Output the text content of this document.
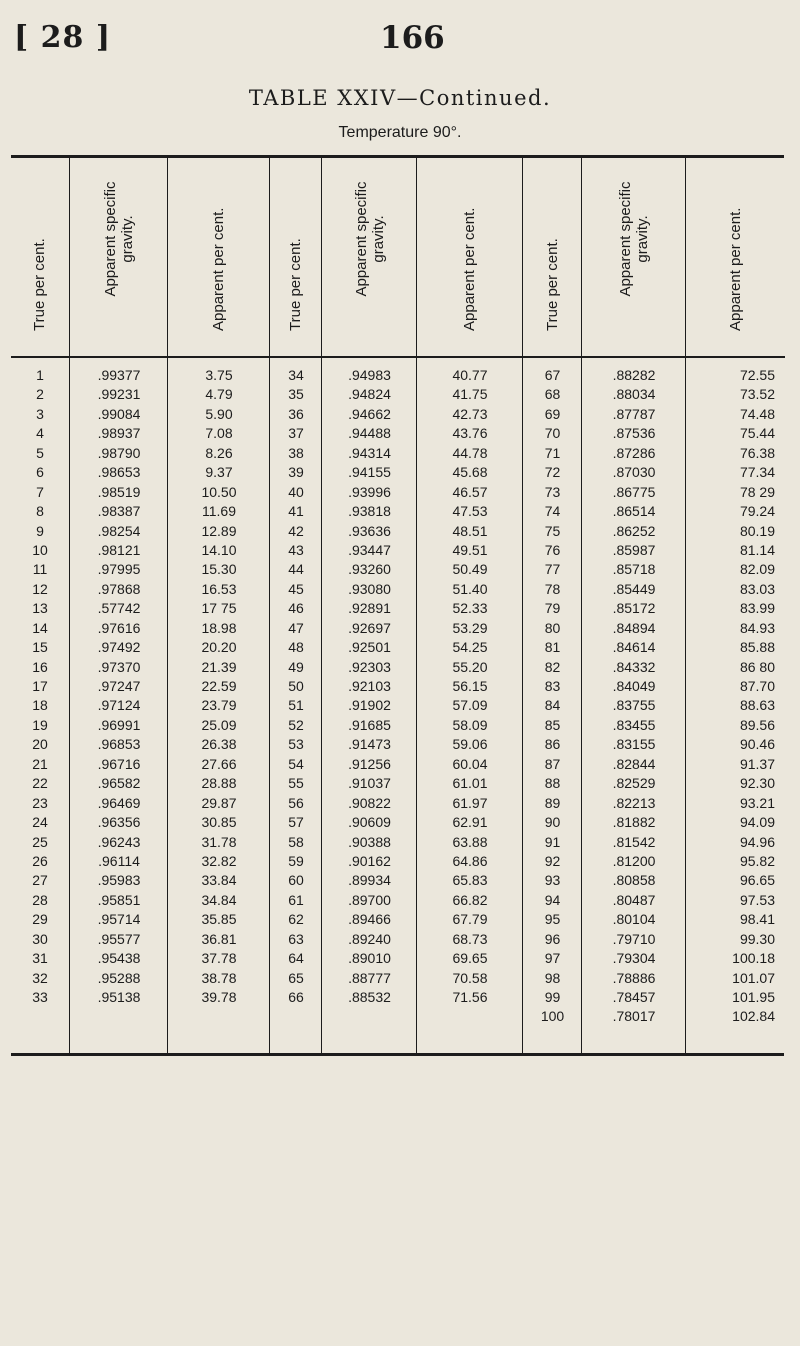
[ 28 ]	166
TABLE XXIV—Continued.
Temperature 90°.
True per cent.
1
2
3
4
5
6
7
8
9
10
11
12
13
14
15
16
17
18
19
20
21
22
23
24
25
26
27
28
29
30
31
32
33
Apparent specific gravity.
.99377
.99231
.99084
.98937
.98790
.98653
.98519
.98387
.98254
.98121
.97995
.97868
.57742
.97616
.97492
.97370
.97247
.97124
.96991
.96853
.96716
.96582
.96469
.96356
.96243
.96114
.95983
.95851
.95714
.95577
.95438
.95288
.95138
Apparent per cent.
3.75
4.79
5.90
7.08
8.26
9.37
10.50
11.69
12.89
14.10
15.30
16.53
17 75
18.98
20.20
21.39
22.59
23.79
25.09
26.38
27.66
28.88
29.87
30.85
31.78
32.82
33.84
34.84
35.85
36.81
37.78
38.78
39.78
True per cent.
34
35
36
37
38
39
40
41
42
43
44
45
46
47
48
49
50
51
52
53
54
55
56
57
58
59
60
61
62
63
64
65
66
Apparent specific gravity.
.94983
.94824
.94662
.94488
.94314
.94155
.93996
.93818
.93636
.93447
.93260
.93080
.92891
.92697
.92501
.92303
.92103
.91902
.91685
.91473
.91256
.91037
.90822
.90609
.90388
.90162
.89934
.89700
.89466
.89240
.89010
.88777
.88532
Apparent per cent.
40.77
41.75
42.73
43.76
44.78
45.68
46.57
47.53
48.51
49.51
50.49
51.40
52.33
53.29
54.25
55.20
56.15
57.09
58.09
59.06
60.04
61.01
61.97
62.91
63.88
64.86
65.83
66.82
67.79
68.73
69.65
70.58
71.56
True per cent.
67
68
69
70
71
72
73
74
75
76
77
78
79
80
81
82
83
84
85
86
87
88
89
90
91
92
93
94
95
96
97
98
99
100
Apparent specific gravity.
.88282
.88034
.87787
.87536
.87286
.87030
.86775
.86514
.86252
.85987
.85718
.85449
.85172
.84894
.84614
.84332
.84049
.83755
.83455
.83155
.82844
.82529
.82213
.81882
.81542
.81200
.80858
.80487
.80104
.79710
.79304
.78886
.78457
.78017
Apparent per cent.
72.55
73.52
74.48
75.44
76.38
77.34
78 29
79.24
80.19
81.14
82.09
83.03
83.99
84.93
85.88
86 80
87.70
88.63
89.56
90.46
91.37
92.30
93.21
94.09
94.96
95.82
96.65
97.53
98.41
99.30
100.18
101.07
101.95
102.84
